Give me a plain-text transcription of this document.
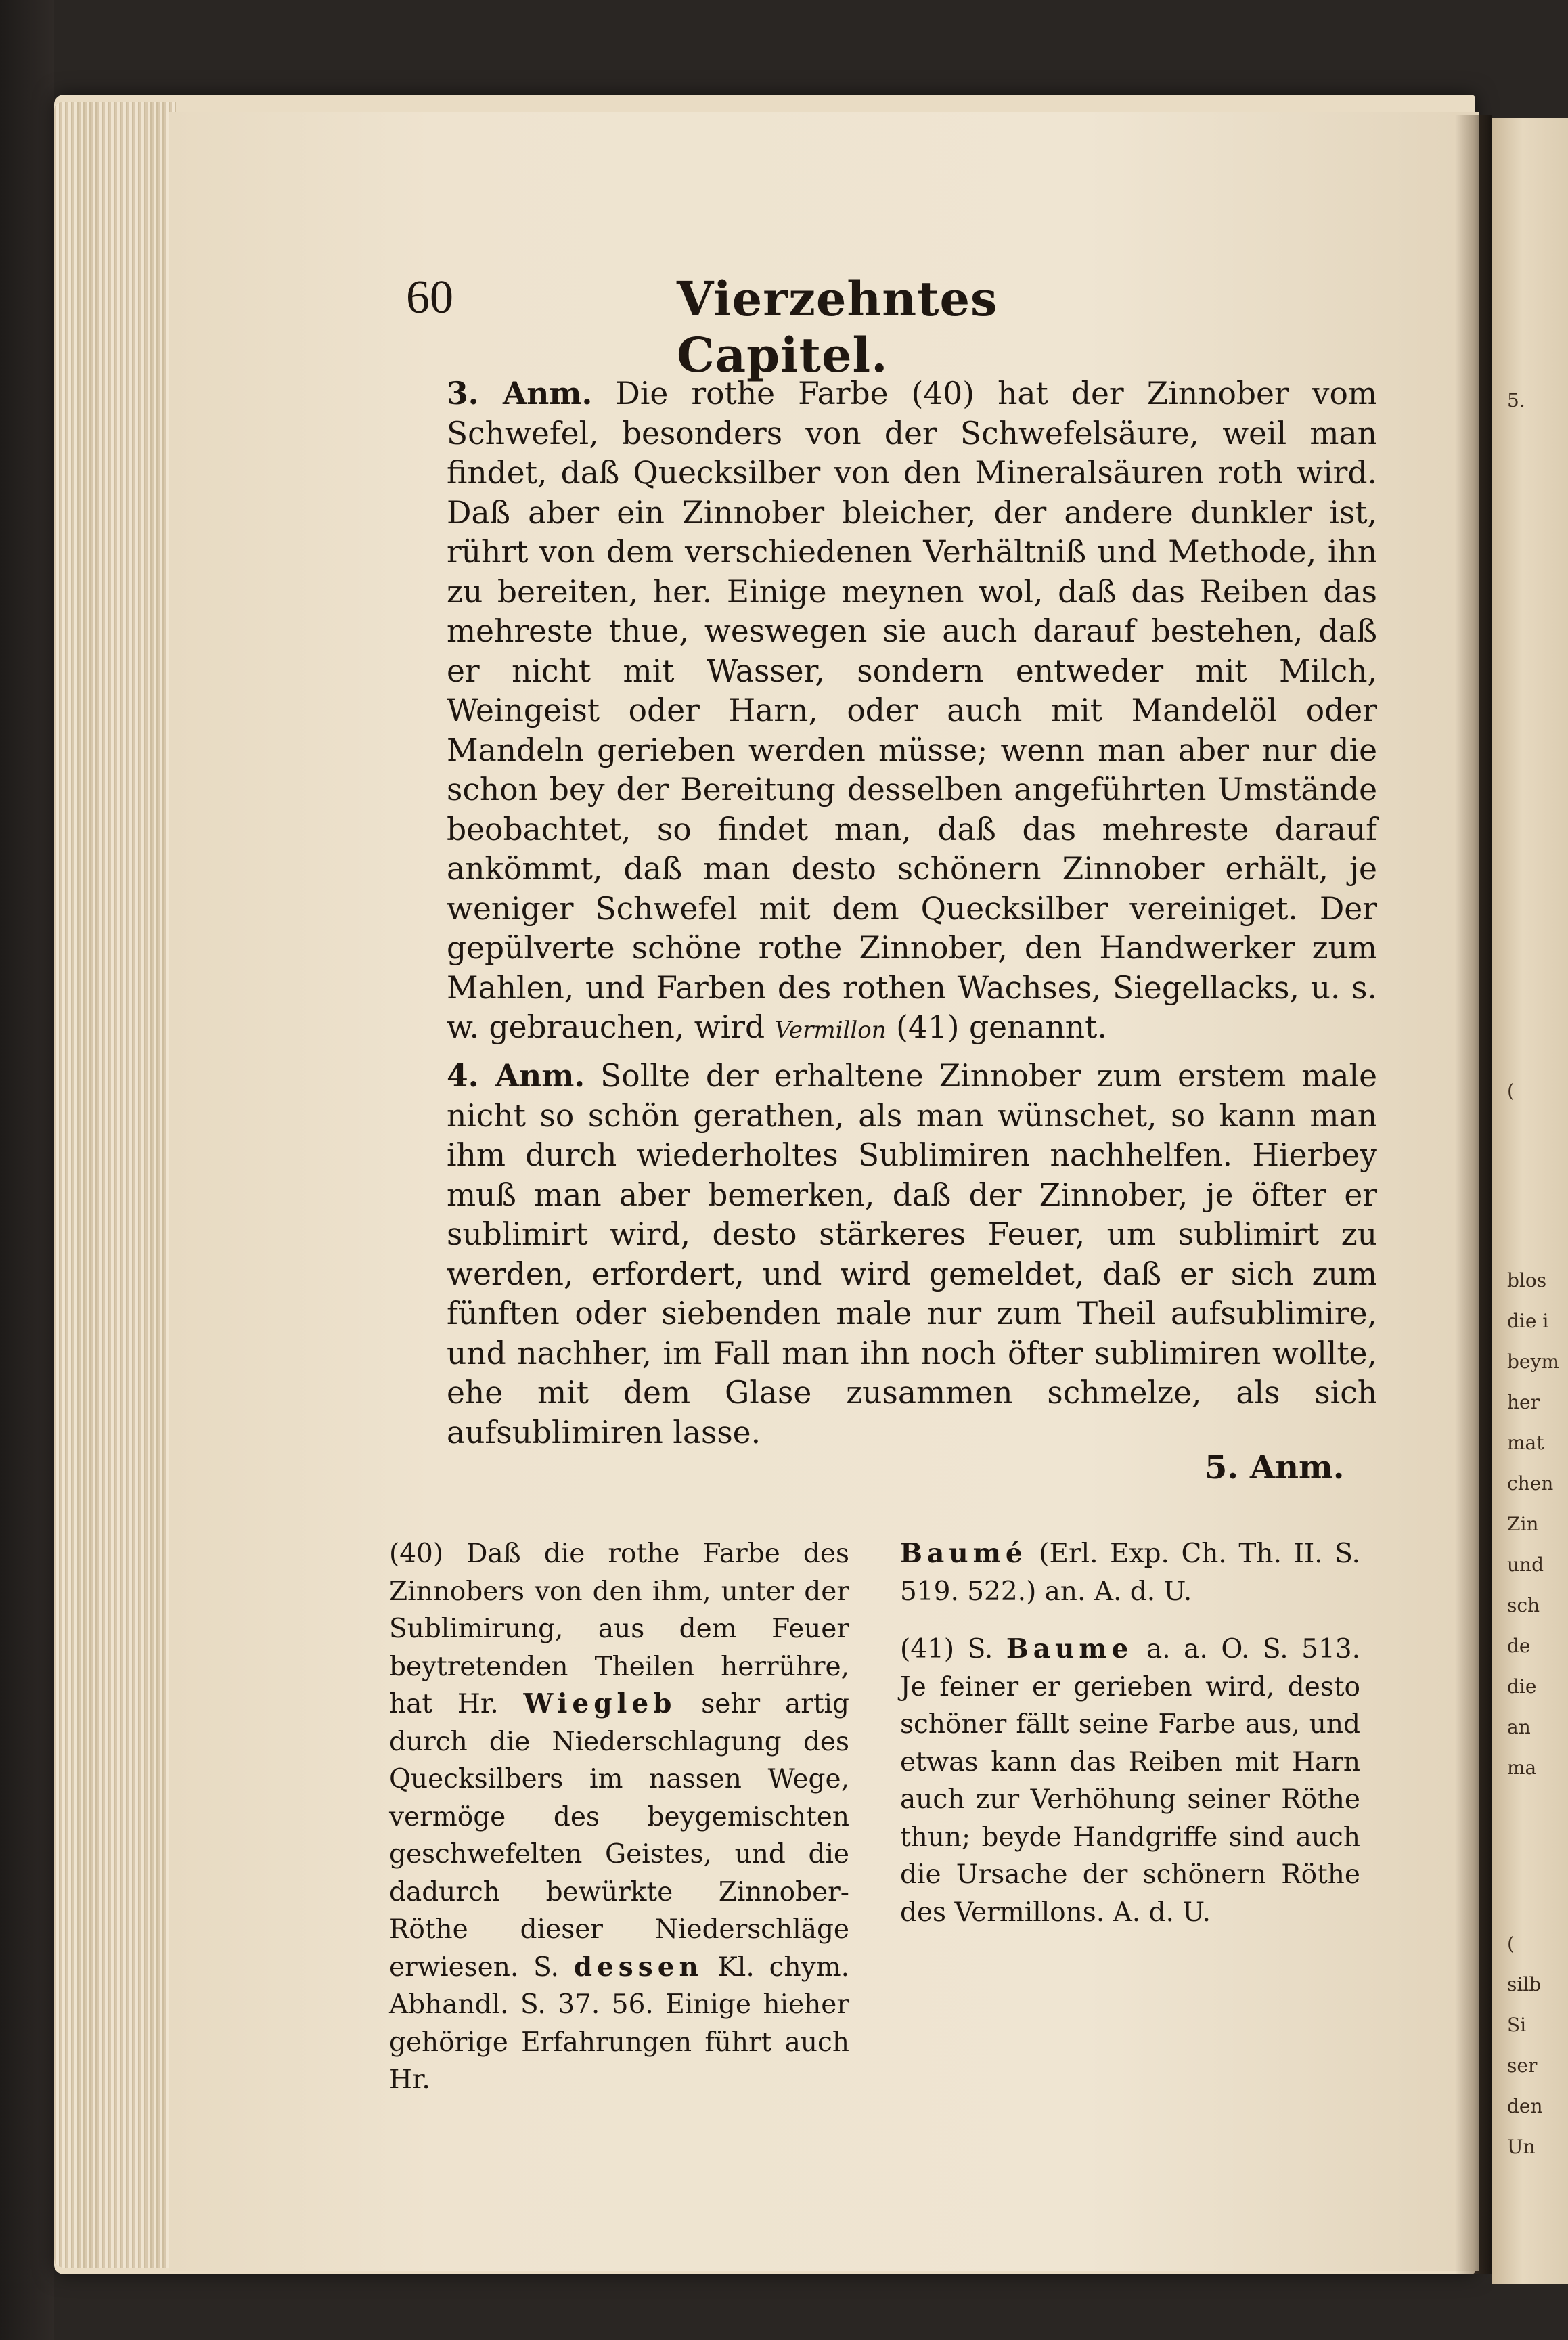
5.
(
blos
die i
beym
her
mat
chen
Zin
und
sch
de
die
an
ma
(
silb
Si
ser
den
Un
60	Vierzehntes Capitel.

3. Anm. Die rothe Farbe (40) hat der Zinnober vom Schwefel, besonders von der Schwefelsäure, weil man findet, daß Quecksilber von den Mineralsäuren roth wird. Daß aber ein Zinnober bleicher, der andere dunkler ist, rührt von dem verschiedenen Verhältniß und Methode, ihn zu bereiten, her. Einige meynen wol, daß das Reiben das mehreste thue, weswegen sie auch darauf bestehen, daß er nicht mit Wasser, sondern entweder mit Milch, Weingeist oder Harn, oder auch mit Mandelöl oder Mandeln gerieben werden müsse; wenn man aber nur die schon bey der Bereitung desselben angeführten Umstände beobachtet, so findet man, daß das mehreste darauf ankömmt, daß man desto schönern Zinnober erhält, je weniger Schwefel mit dem Quecksilber vereiniget. Der gepülverte schöne rothe Zinnober, den Handwerker zum Mahlen, und Farben des rothen Wachses, Siegellacks, u. s. w. gebrauchen, wird Vermillon (41) genannt.

4. Anm. Sollte der erhaltene Zinnober zum erstem male nicht so schön gerathen, als man wünschet, so kann man ihm durch wiederholtes Sublimiren nachhelfen. Hierbey muß man aber bemerken, daß der Zinnober, je öfter er sublimirt wird, desto stärkeres Feuer, um sublimirt zu werden, erfordert, und wird gemeldet, daß er sich zum fünften oder siebenden male nur zum Theil aufsublimire, und nachher, im Fall man ihn noch öfter sublimiren wollte, ehe mit dem Glase zusammen schmelze, als sich aufsublimiren lasse.

5. Anm.

(40) Daß die rothe Farbe des Zinnobers von den ihm, unter der Sublimirung, aus dem Feuer beytretenden Theilen herrühre, hat Hr. Wiegleb sehr artig durch die Niederschlagung des Quecksilbers im nassen Wege, vermöge des beygemischten geschwefelten Geistes, und die dadurch bewürkte Zinnober-Röthe dieser Niederschläge erwiesen. S. dessen Kl. chym. Abhandl. S. 37. 56. Einige hieher gehörige Erfahrungen führt auch Hr.

Baumé (Erl. Exp. Ch. Th. II. S. 519. 522.) an. A. d. U.

(41) S. Baume a. a. O. S. 513. Je feiner er gerieben wird, desto schöner fällt seine Farbe aus, und etwas kann das Reiben mit Harn auch zur Verhöhung seiner Röthe thun; beyde Handgriffe sind auch die Ursache der schönern Röthe des Vermillons. A. d. U.
